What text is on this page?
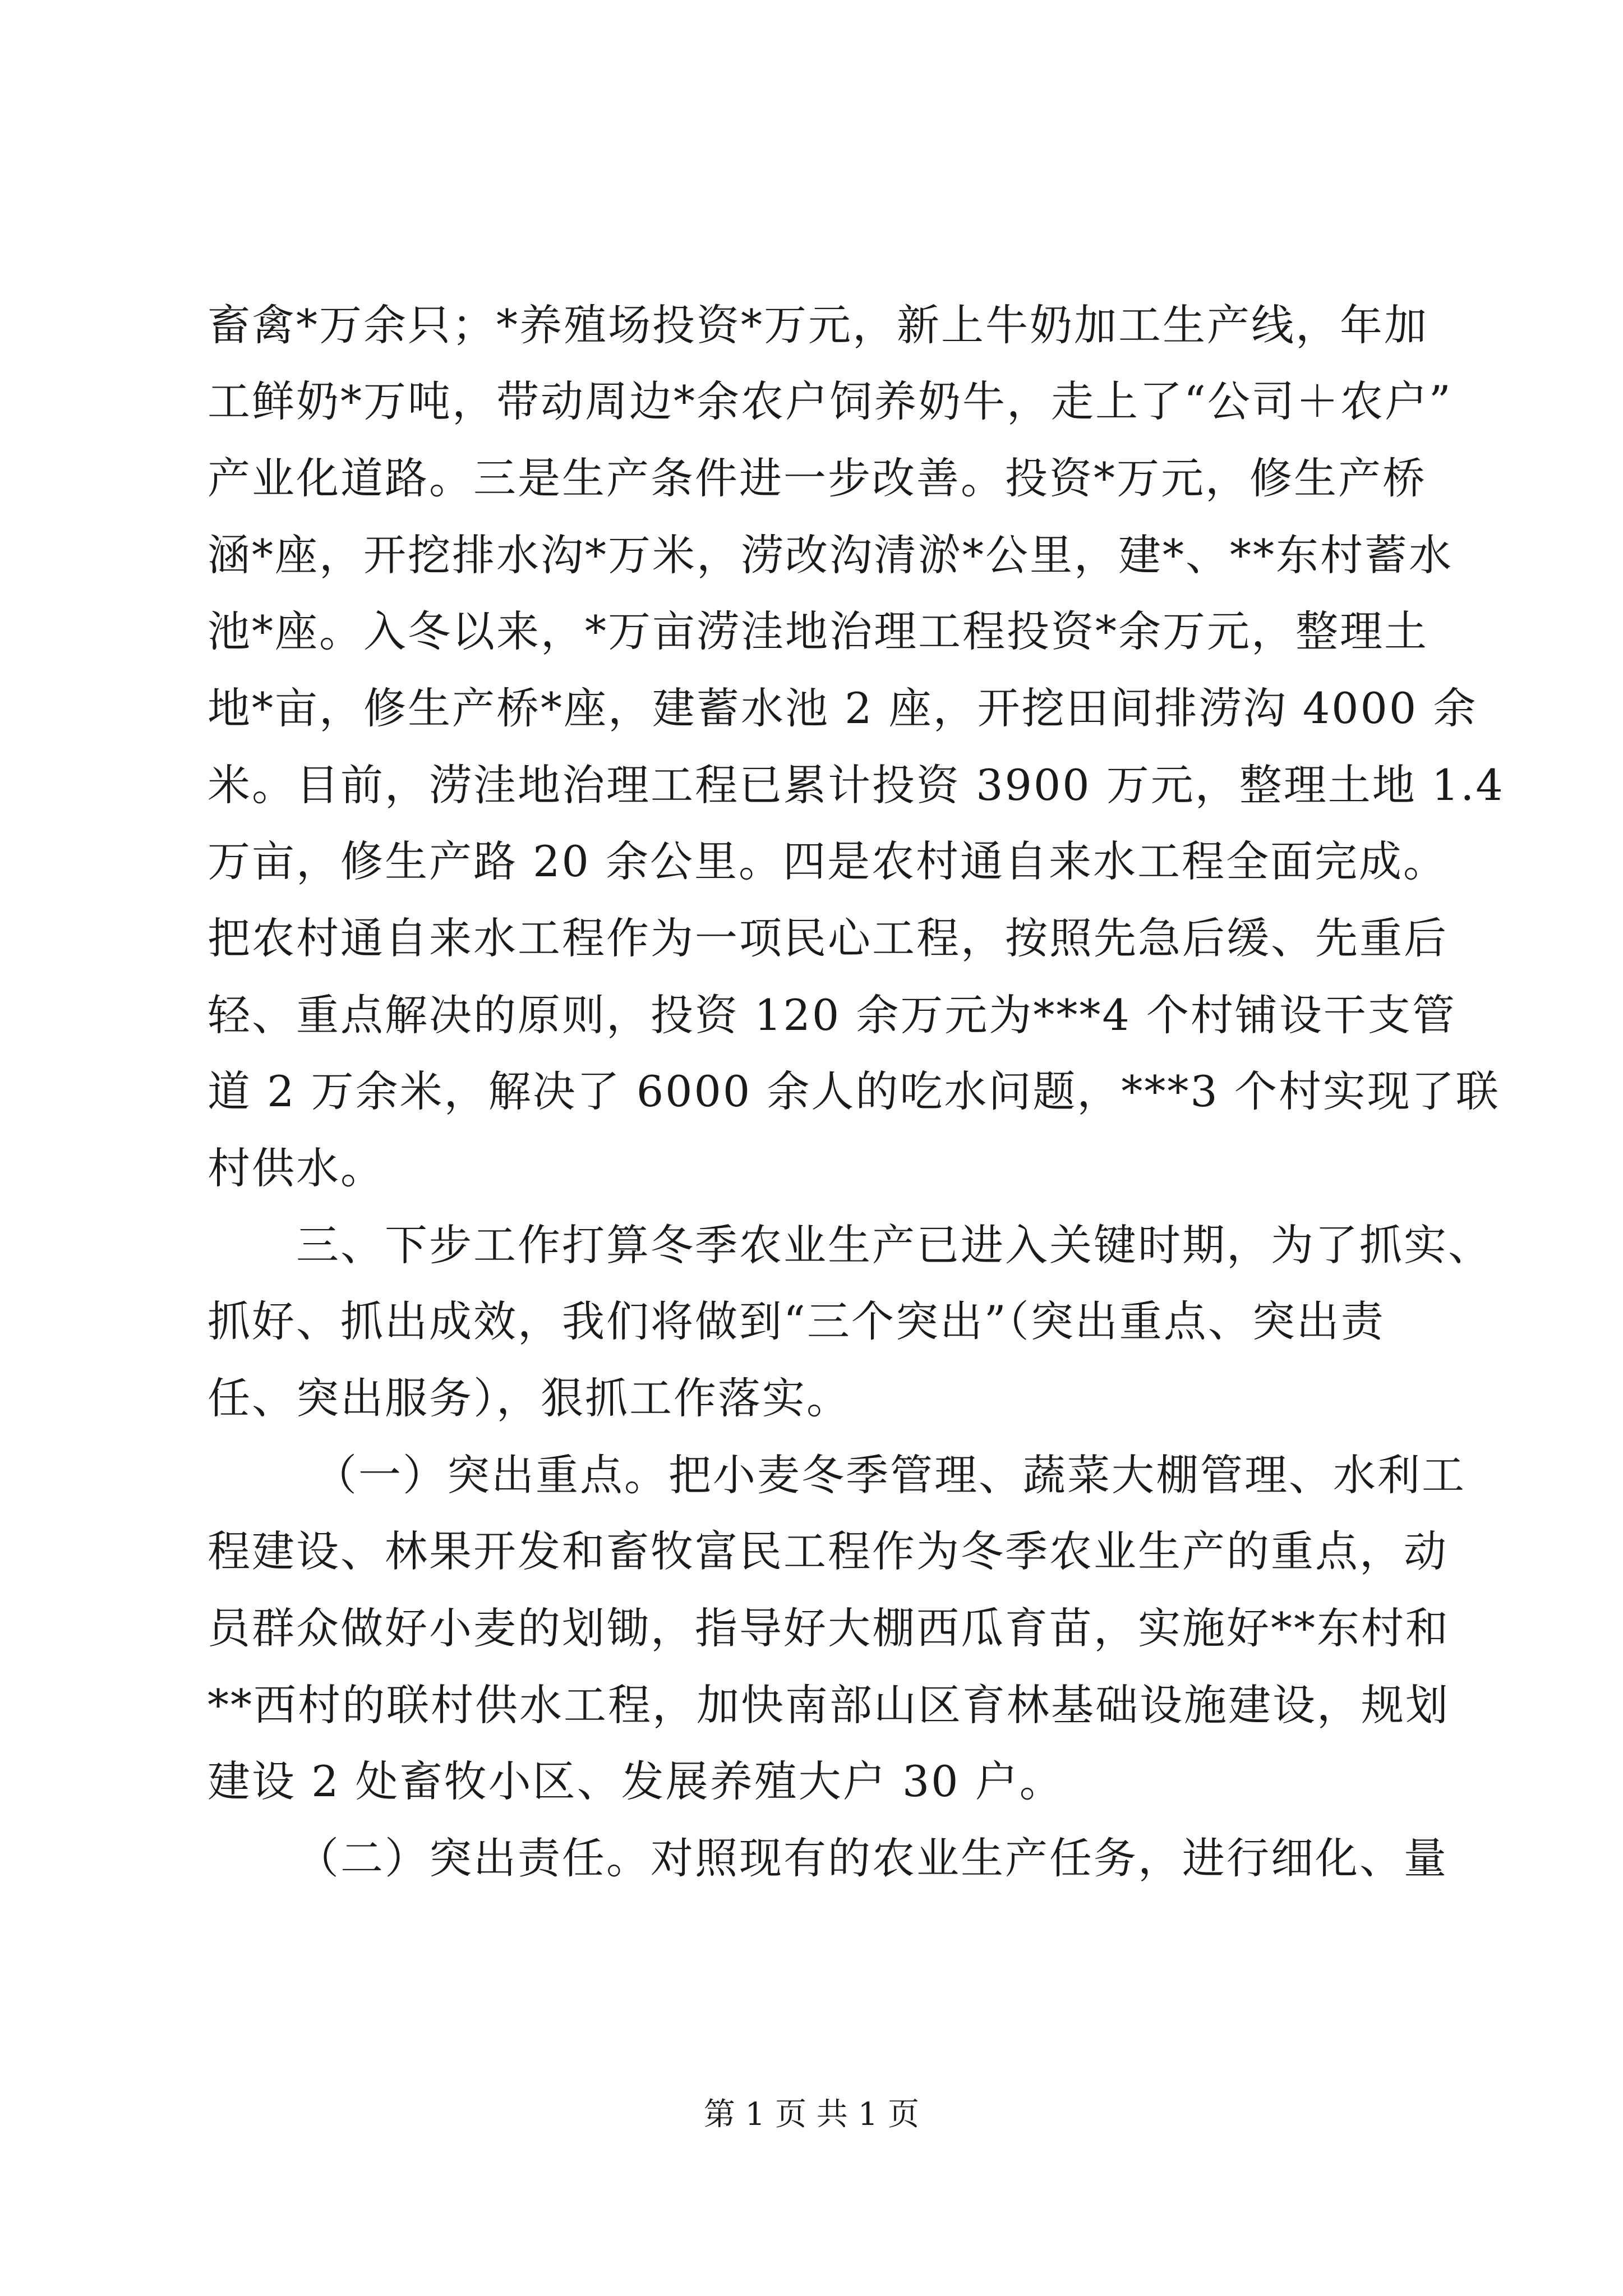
畜禽*万余只；*养殖场投资*万元，新上牛奶加工生产线，年加
工鲜奶*万吨，带动周边*余农户饲养奶牛，走上了“公司＋农户”
产业化道路。三是生产条件进一步改善。投资*万元，修生产桥
涵*座，开挖排水沟*万米，涝改沟清淤*公里，建*、**东村蓄水
池*座。入冬以来，*万亩涝洼地治理工程投资*余万元，整理土
地*亩，修生产桥*座，建蓄水池 2 座，开挖田间排涝沟 4000 余
米。目前，涝洼地治理工程已累计投资 3900 万元，整理土地 1.4
万亩，修生产路 20 余公里。四是农村通自来水工程全面完成。
把农村通自来水工程作为一项民心工程，按照先急后缓、先重后
轻、重点解决的原则，投资 120 余万元为***4 个村铺设干支管
道 2 万余米，解决了 6000 余人的吃水问题，***3 个村实现了联
村供水。
三、下步工作打算冬季农业生产已进入关键时期，为了抓实、
抓好、抓出成效，我们将做到“三个突出”（突出重点、突出责
任、突出服务），狠抓工作落实。
（一）突出重点。把小麦冬季管理、蔬菜大棚管理、水利工
程建设、林果开发和畜牧富民工程作为冬季农业生产的重点，动
员群众做好小麦的划锄，指导好大棚西瓜育苗，实施好**东村和
**西村的联村供水工程，加快南部山区育林基础设施建设，规划
建设 2 处畜牧小区、发展养殖大户 30 户。
（二）突出责任。对照现有的农业生产任务，进行细化、量
第 1 页 共 1 页
